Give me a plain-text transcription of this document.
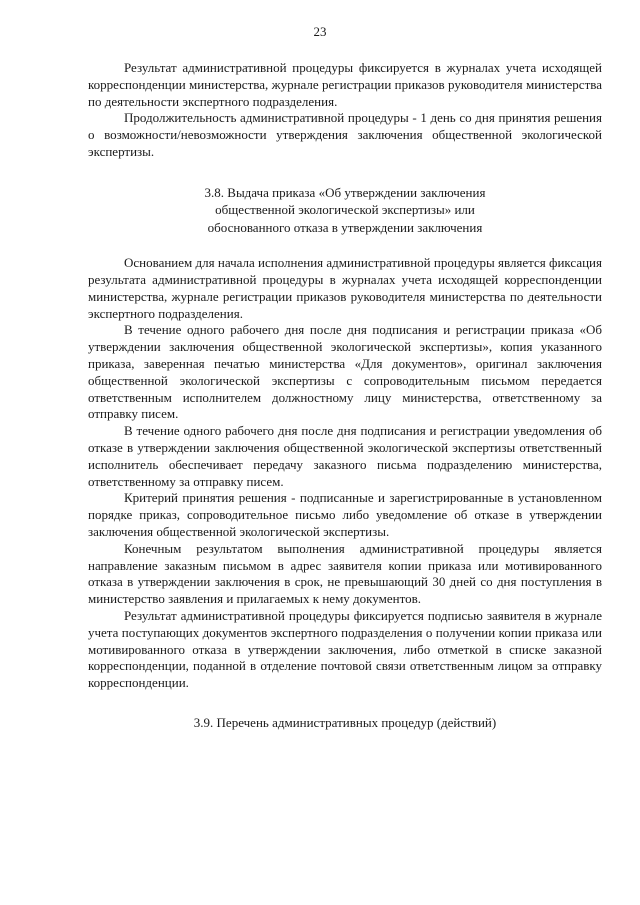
23

Результат административной процедуры фиксируется в журналах учета исходящей корреспонденции министерства, журнале регистрации приказов руководителя министерства по деятельности экспертного подразделения.

Продолжительность административной процедуры - 1 день со дня принятия решения о возможности/невозможности утверждения заключения общественной экологической экспертизы.

3.8. Выдача приказа «Об утверждении заключения общественной экологической экспертизы» или обоснованного отказа в утверждении заключения

Основанием для начала исполнения административной процедуры является фиксация результата административной процедуры в журналах учета исходящей корреспонденции министерства, журнале регистрации приказов руководителя министерства по деятельности экспертного подразделения.

В течение одного рабочего дня после дня подписания и регистрации приказа «Об утверждении заключения общественной экологической экспертизы», копия указанного приказа, заверенная печатью министерства «Для документов», оригинал заключения общественной экологической экспертизы с сопроводительным письмом передается ответственным исполнителем должностному лицу министерства, ответственному за отправку писем.

В течение одного рабочего дня после дня подписания и регистрации уведомления об отказе в утверждении заключения общественной экологической экспертизы ответственный исполнитель обеспечивает передачу заказного письма подразделению министерства, ответственному за отправку писем.

Критерий принятия решения - подписанные и зарегистрированные в установленном порядке приказ, сопроводительное письмо либо уведомление об отказе в утверждении заключения общественной экологической экспертизы.

Конечным результатом выполнения административной процедуры является направление заказным письмом в адрес заявителя копии приказа или мотивированного отказа в утверждении заключения в срок, не превышающий 30 дней со дня поступления в министерство заявления и прилагаемых к нему документов.

Результат административной процедуры фиксируется подписью заявителя в журнале учета поступающих документов экспертного подразделения о получении копии приказа или мотивированного отказа в утверждении заключения, либо отметкой в списке заказной корреспонденции, поданной в отделение почтовой связи ответственным лицом за отправку корреспонденции.

3.9. Перечень административных процедур (действий)
